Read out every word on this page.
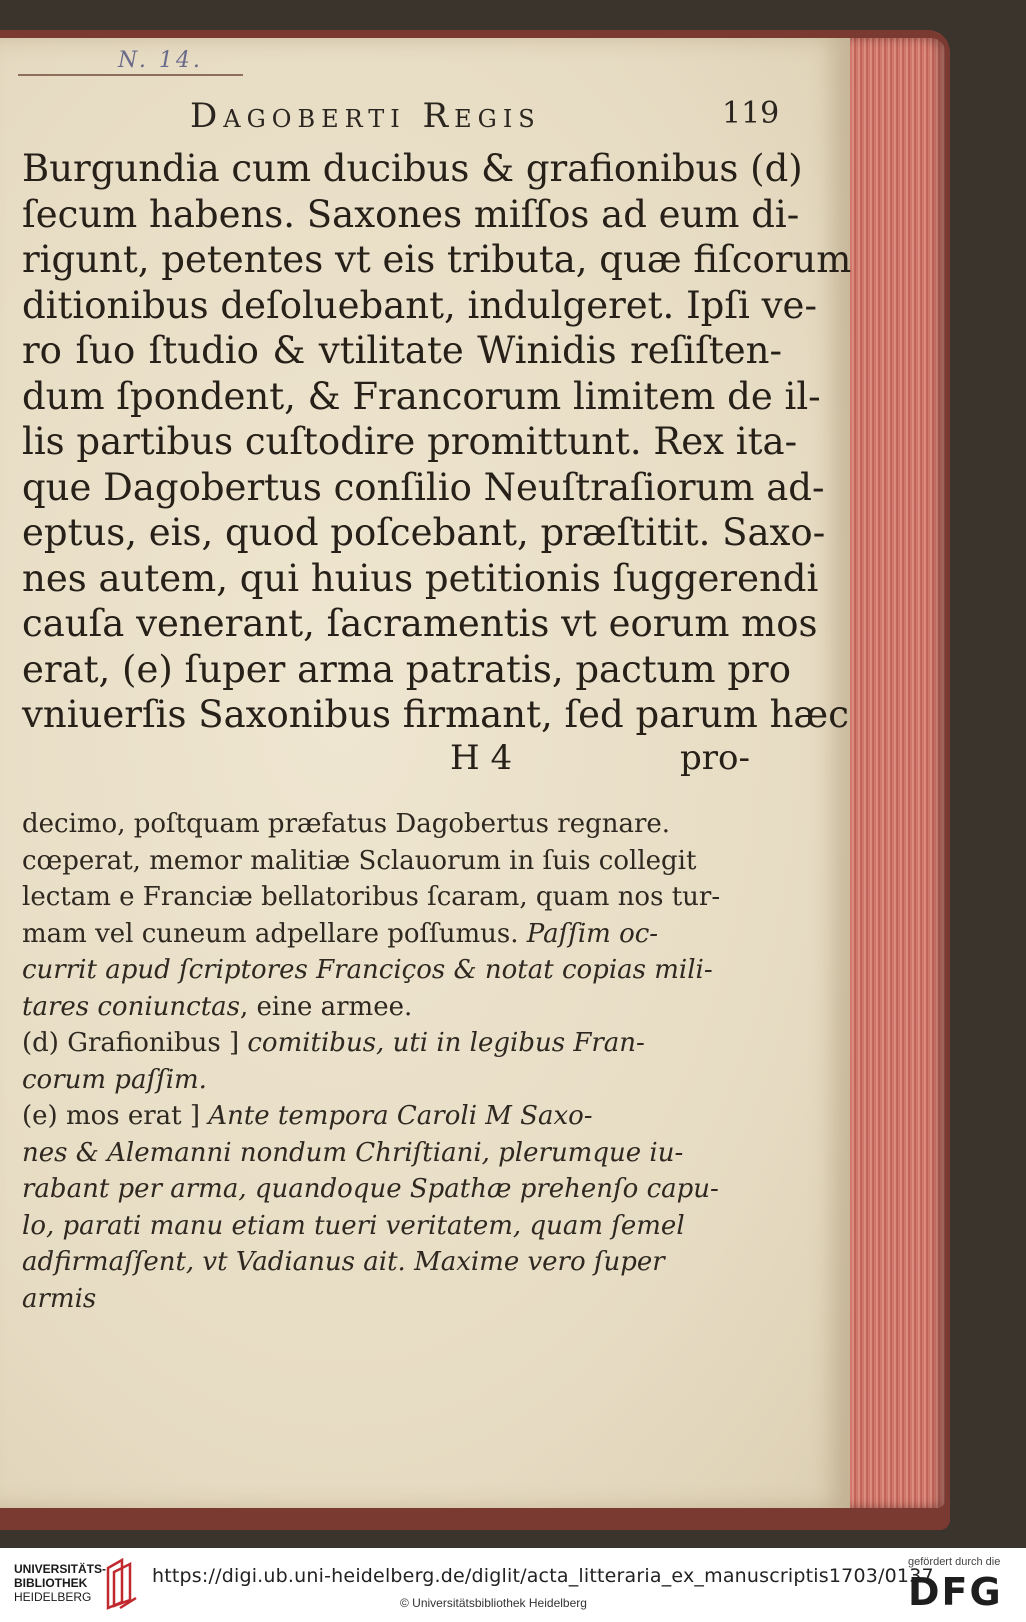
N. 14.
Dagoberti Regis	119
Burgundia cum ducibus & grafionibus (d)
ſecum habens. Saxones miſſos ad eum di-
rigunt, petentes vt eis tributa, quæ fiſcorum
ditionibus deſoluebant, indulgeret. Ipſi ve-
ro ſuo ſtudio & vtilitate Winidis reſiſten-
dum ſpondent, & Francorum limitem de il-
lis partibus cuſtodire promittunt. Rex ita-
que Dagobertus conſilio Neuſtraſiorum ad-
eptus, eis, quod poſcebant, præſtitit. Saxo-
nes autem, qui huius petitionis ſuggerendi
cauſa venerant, ſacramentis vt eorum mos
erat, (e) ſuper arma patratis, pactum pro
vniuerſis Saxonibus firmant, ſed parum hæc
H 4	pro-
decimo, poſtquam præfatus Dagobertus regnare.
cœperat, memor malitiæ Sclauorum in ſuis collegit
lectam e Franciæ bellatoribus ſcaram, quam nos tur-
mam vel cuneum adpellare poſſumus. Paſſim oc-
currit apud ſcriptores Franciços & notat copias mili-
tares coniunctas, eine armee.
(d) Grafionibus ] comitibus, uti in legibus Fran-
corum paſſim.
(e) mos erat ] Ante tempora Caroli M Saxo-
nes & Alemanni nondum Chriſtiani, plerumque iu-
rabant per arma, quandoque Spathæ prehenſo capu-
lo, parati manu etiam tueri veritatem, quam ſemel
adfirmaſſent, vt Vadianus ait. Maxime vero ſuper
armis
UNIVERSITÄTS-
BIBLIOTHEK
HEIDELBERG
https://digi.ub.uni-heidelberg.de/diglit/acta_litteraria_ex_manuscriptis1703/0137
© Universitätsbibliothek Heidelberg
gefördert durch die
DFG
